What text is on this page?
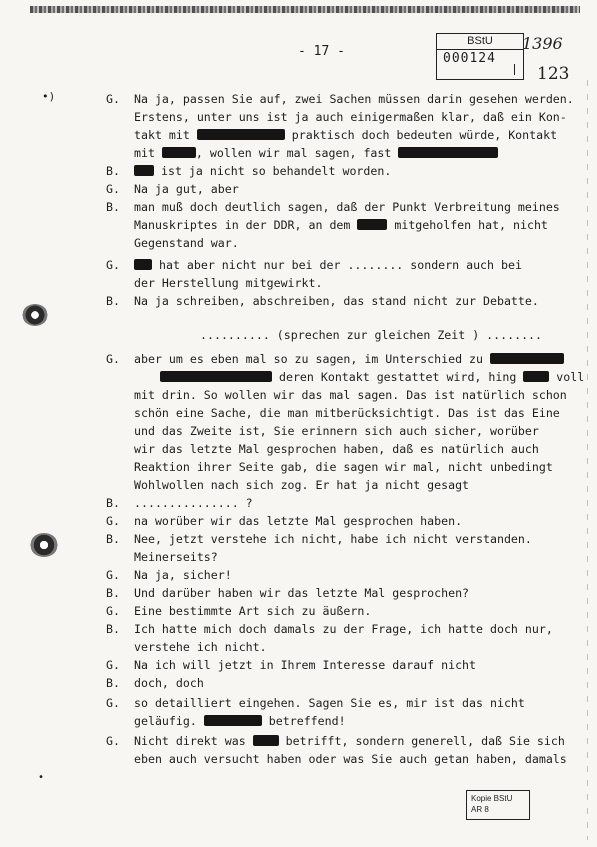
- 17 -
BStU
000124
1396
123
•)
•
G. Na ja, passen Sie auf, zwei Sachen müssen darin gesehen werden.
Erstens, unter uns ist ja auch einigermaßen klar, daß ein Kon-
takt mit	praktisch doch bedeuten würde, Kontakt
mit	, wollen wir mal sagen, fast
B.	ist ja nicht so behandelt worden.
G. Na ja gut, aber
B. man muß doch deutlich sagen, daß der Punkt Verbreitung meines
Manuskriptes in der DDR, an dem	mitgeholfen hat, nicht
Gegenstand war.
G.	hat aber nicht nur bei der ........ sondern auch bei
der Herstellung mitgewirkt.
B. Na ja schreiben, abschreiben, das stand nicht zur Debatte.
.......... (sprechen zur gleichen Zeit ) ........
G. aber um es eben mal so zu sagen, im Unterschied zu
deren Kontakt gestattet wird, hing  voll
mit drin. So wollen wir das mal sagen. Das ist natürlich schon
schön eine Sache, die man mitberücksichtigt. Das ist das Eine
und das Zweite ist, Sie erinnern sich auch sicher, worüber
wir das letzte Mal gesprochen haben, daß es natürlich auch
Reaktion ihrer Seite gab, die sagen wir mal, nicht unbedingt
Wohlwollen nach sich zog. Er hat ja nicht gesagt
B. ............... ?
G. na worüber wir das letzte Mal gesprochen haben.
B. Nee, jetzt verstehe ich nicht, habe ich nicht verstanden.
Meinerseits?
G. Na ja, sicher!
B. Und darüber haben wir das letzte Mal gesprochen?
G. Eine bestimmte Art sich zu äußern.
B. Ich hatte mich doch damals zu der Frage, ich hatte doch nur,
verstehe ich nicht.
G. Na ich will jetzt in Ihrem Interesse darauf nicht
B. doch, doch
G. so detailliert eingehen. Sagen Sie es, mir ist das nicht
geläufig.	betreffend!
G. Nicht direkt was  betrifft, sondern generell, daß Sie sich
eben auch versucht haben oder was Sie auch getan haben, damals
Kopie BStU
AR 8
